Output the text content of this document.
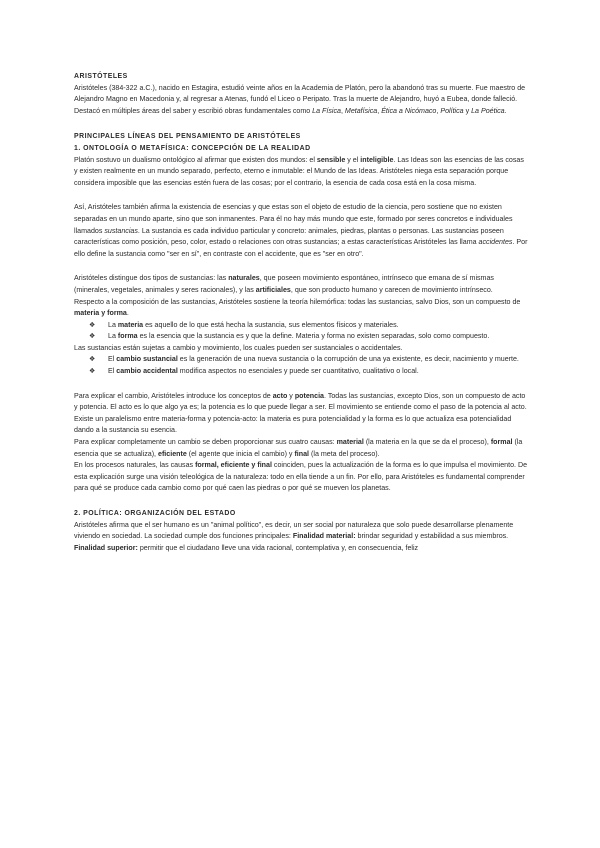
ARISTÓTELES

Aristóteles (384-322 a.C.), nacido en Estagira, estudió veinte años en la Academia de Platón, pero la abandonó tras su muerte. Fue maestro de Alejandro Magno en Macedonia y, al regresar a Atenas, fundó el Liceo o Peripato. Tras la muerte de Alejandro, huyó a Eubea, donde falleció. Destacó en múltiples áreas del saber y escribió obras fundamentales como La Física, Metafísica, Ética a Nicómaco, Política y La Poética.

PRINCIPALES LÍNEAS DEL PENSAMIENTO DE ARISTÓTELES

1. ONTOLOGÍA O METAFÍSICA: CONCEPCIÓN DE LA REALIDAD

Platón sostuvo un dualismo ontológico al afirmar que existen dos mundos: el sensible y el inteligible. Las Ideas son las esencias de las cosas y existen realmente en un mundo separado, perfecto, eterno e inmutable: el Mundo de las Ideas. Aristóteles niega esta separación porque considera imposible que las esencias estén fuera de las cosas; por el contrario, la esencia de cada cosa está en la cosa misma.

Así, Aristóteles también afirma la existencia de esencias y que estas son el objeto de estudio de la ciencia, pero sostiene que no existen separadas en un mundo aparte, sino que son inmanentes. Para él no hay más mundo que este, formado por seres concretos e individuales llamados sustancias. La sustancia es cada individuo particular y concreto: animales, piedras, plantas o personas. Las sustancias poseen características como posición, peso, color, estado o relaciones con otras sustancias; a estas características Aristóteles las llama accidentes. Por ello define la sustancia como "ser en sí", en contraste con el accidente, que es "ser en otro".

Aristóteles distingue dos tipos de sustancias: las naturales, que poseen movimiento espontáneo, intrínseco que emana de sí mismas (minerales, vegetales, animales y seres racionales), y las artificiales, que son producto humano y carecen de movimiento intrínseco.

Respecto a la composición de las sustancias, Aristóteles sostiene la teoría hilemórfica: todas las sustancias, salvo Dios, son un compuesto de materia y forma.

❖ La materia es aquello de lo que está hecha la sustancia, sus elementos físicos y materiales.
❖ La forma es la esencia que la sustancia es y que la define. Materia y forma no existen separadas, solo como compuesto.

Las sustancias están sujetas a cambio y movimiento, los cuales pueden ser sustanciales o accidentales.

❖ El cambio sustancial es la generación de una nueva sustancia o la corrupción de una ya existente, es decir, nacimiento y muerte.
❖ El cambio accidental modifica aspectos no esenciales y puede ser cuantitativo, cualitativo o local.

Para explicar el cambio, Aristóteles introduce los conceptos de acto y potencia. Todas las sustancias, excepto Dios, son un compuesto de acto y potencia. El acto es lo que algo ya es; la potencia es lo que puede llegar a ser. El movimiento se entiende como el paso de la potencia al acto. Existe un paralelismo entre materia-forma y potencia-acto: la materia es pura potencialidad y la forma es lo que actualiza esa potencialidad dando a la sustancia su esencia.

Para explicar completamente un cambio se deben proporcionar sus cuatro causas: material (la materia en la que se da el proceso), formal (la esencia que se actualiza), eficiente (el agente que inicia el cambio) y final (la meta del proceso).

En los procesos naturales, las causas formal, eficiente y final coinciden, pues la actualización de la forma es lo que impulsa el movimiento. De esta explicación surge una visión teleológica de la naturaleza: todo en ella tiende a un fin. Por ello, para Aristóteles es fundamental comprender para qué se produce cada cambio como por qué caen las piedras o por qué se mueven los planetas.

2. POLÍTICA: ORGANIZACIÓN DEL ESTADO

Aristóteles afirma que el ser humano es un "animal político", es decir, un ser social por naturaleza que solo puede desarrollarse plenamente viviendo en sociedad. La sociedad cumple dos funciones principales: Finalidad material: brindar seguridad y estabilidad a sus miembros. Finalidad superior: permitir que el ciudadano lleve una vida racional, contemplativa y, en consecuencia, feliz
